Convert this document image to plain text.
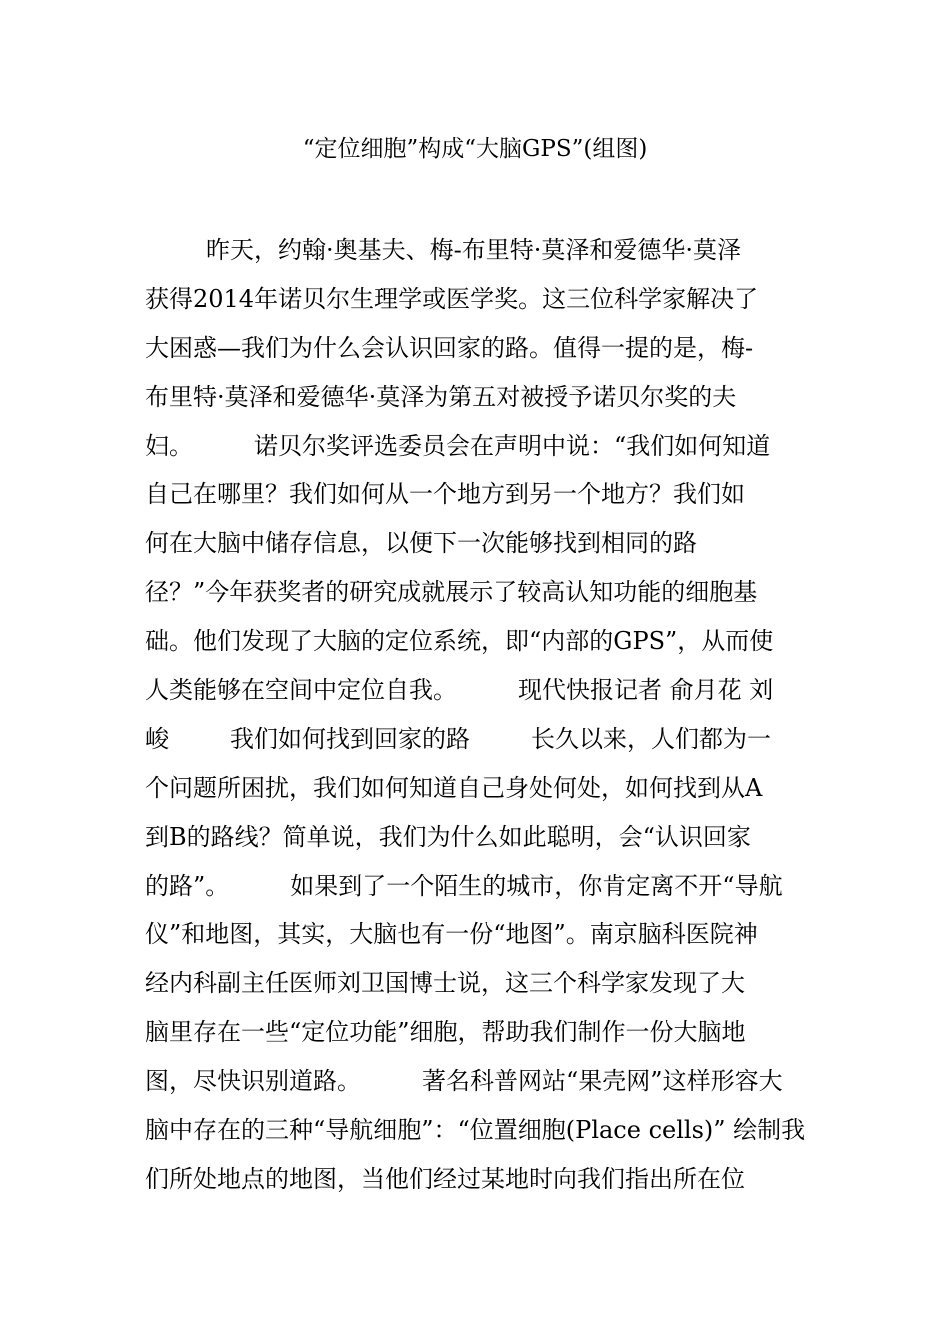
“定位细胞”构成“大脑GPS”(组图)
昨天，约翰·奥基夫、梅-布里特·莫泽和爱德华·莫泽
获得2014年诺贝尔生理学或医学奖。这三位科学家解决了
大困惑—我们为什么会认识回家的路。值得一提的是，梅-
布里特·莫泽和爱德华·莫泽为第五对被授予诺贝尔奖的夫
妇。        诺贝尔奖评选委员会在声明中说：“我们如何知道
自己在哪里？我们如何从一个地方到另一个地方？我们如
何在大脑中储存信息，以便下一次能够找到相同的路
径？”今年获奖者的研究成就展示了较高认知功能的细胞基
础。他们发现了大脑的定位系统，即“内部的GPS”，从而使
人类能够在空间中定位自我。        现代快报记者 俞月花 刘
峻        我们如何找到回家的路        长久以来，人们都为一
个问题所困扰，我们如何知道自己身处何处，如何找到从A
到B的路线？简单说，我们为什么如此聪明，会“认识回家
的路”。        如果到了一个陌生的城市，你肯定离不开“导航
仪”和地图，其实，大脑也有一份“地图”。南京脑科医院神
经内科副主任医师刘卫国博士说，这三个科学家发现了大
脑里存在一些“定位功能”细胞，帮助我们制作一份大脑地
图，尽快识别道路。        著名科普网站“果壳网”这样形容大
脑中存在的三种“导航细胞”：“位置细胞(Place cells)” 绘制我
们所处地点的地图，当他们经过某地时向我们指出所在位
